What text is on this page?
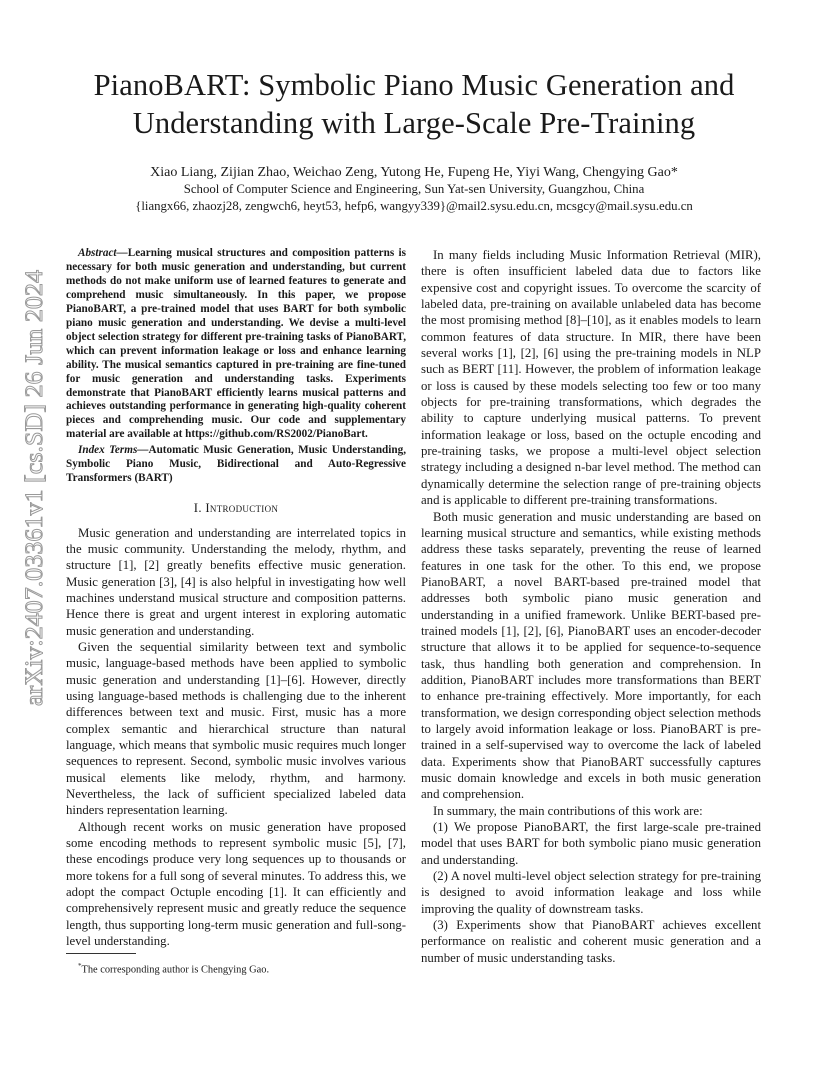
PianoBART: Symbolic Piano Music Generation and Understanding with Large-Scale Pre-Training
Xiao Liang, Zijian Zhao, Weichao Zeng, Yutong He, Fupeng He, Yiyi Wang, Chengying Gao*
School of Computer Science and Engineering, Sun Yat-sen University, Guangzhou, China
{liangx66, zhaozj28, zengwch6, heyt53, hefp6, wangyy339}@mail2.sysu.edu.cn, mcsgcy@mail.sysu.edu.cn
arXiv:2407.03361v1 [cs.SD] 26 Jun 2024

Abstract—Learning musical structures and composition patterns is necessary for both music generation and understanding, but current methods do not make uniform use of learned features to generate and comprehend music simultaneously. In this paper, we propose PianoBART, a pre-trained model that uses BART for both symbolic piano music generation and understanding. We devise a multi-level object selection strategy for different pre-training tasks of PianoBART, which can prevent information leakage or loss and enhance learning ability. The musical semantics captured in pre-training are fine-tuned for music generation and understanding tasks. Experiments demonstrate that PianoBART efficiently learns musical patterns and achieves outstanding performance in generating high-quality coherent pieces and comprehending music. Our code and supplementary material are available at https://github.com/RS2002/PianoBart.

Index Terms—Automatic Music Generation, Music Understanding, Symbolic Piano Music, Bidirectional and Auto-Regressive Transformers (BART)

I. Introduction

Music generation and understanding are interrelated topics in the music community. Understanding the melody, rhythm, and structure [1], [2] greatly benefits effective music generation. Music generation [3], [4] is also helpful in investigating how well machines understand musical structure and composition patterns. Hence there is great and urgent interest in exploring automatic music generation and understanding.

Given the sequential similarity between text and symbolic music, language-based methods have been applied to symbolic music generation and understanding [1]–[6]. However, directly using language-based methods is challenging due to the inherent differences between text and music. First, music has a more complex semantic and hierarchical structure than natural language, which means that symbolic music requires much longer sequences to represent. Second, symbolic music involves various musical elements like melody, rhythm, and harmony. Nevertheless, the lack of sufficient specialized labeled data hinders representation learning.

Although recent works on music generation have proposed some encoding methods to represent symbolic music [5], [7], these encodings produce very long sequences up to thousands or more tokens for a full song of several minutes. To address this, we adopt the compact Octuple encoding [1]. It can efficiently and comprehensively represent music and greatly reduce the sequence length, thus supporting long-term music generation and full-song-level understanding.

In many fields including Music Information Retrieval (MIR), there is often insufficient labeled data due to factors like expensive cost and copyright issues. To overcome the scarcity of labeled data, pre-training on available unlabeled data has become the most promising method [8]–[10], as it enables models to learn common features of data structure. In MIR, there have been several works [1], [2], [6] using the pre-training models in NLP such as BERT [11]. However, the problem of information leakage or loss is caused by these models selecting too few or too many objects for pre-training transformations, which degrades the ability to capture underlying musical patterns. To prevent information leakage or loss, based on the octuple encoding and pre-training tasks, we propose a multi-level object selection strategy including a designed n-bar level method. The method can dynamically determine the selection range of pre-training objects and is applicable to different pre-training transformations.

Both music generation and music understanding are based on learning musical structure and semantics, while existing methods address these tasks separately, preventing the reuse of learned features in one task for the other. To this end, we propose PianoBART, a novel BART-based pre-trained model that addresses both symbolic piano music generation and understanding in a unified framework. Unlike BERT-based pre-trained models [1], [2], [6], PianoBART uses an encoder-decoder structure that allows it to be applied for sequence-to-sequence task, thus handling both generation and comprehension. In addition, PianoBART includes more transformations than BERT to enhance pre-training effectively. More importantly, for each transformation, we design corresponding object selection methods to largely avoid information leakage or loss. PianoBART is pre-trained in a self-supervised way to overcome the lack of labeled data. Experiments show that PianoBART successfully captures music domain knowledge and excels in both music generation and comprehension.

In summary, the main contributions of this work are:

(1) We propose PianoBART, the first large-scale pre-trained model that uses BART for both symbolic piano music generation and understanding.

(2) A novel multi-level object selection strategy for pre-training is designed to avoid information leakage and loss while improving the quality of downstream tasks.

(3) Experiments show that PianoBART achieves excellent performance on realistic and coherent music generation and a number of music understanding tasks.

*The corresponding author is Chengying Gao.
